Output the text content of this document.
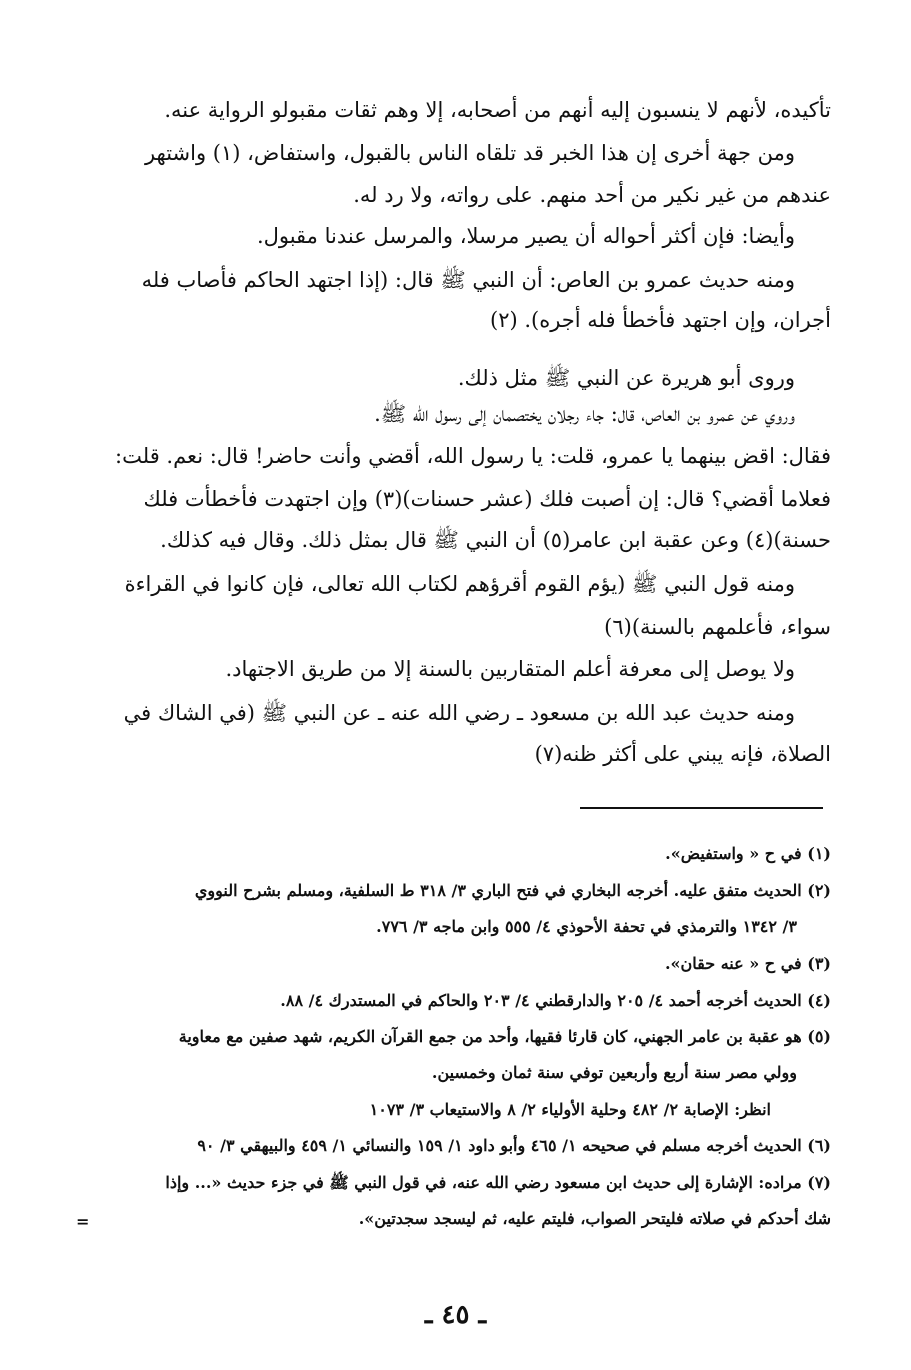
تأكيده، لأنهم لا ينسبون إليه أنهم من أصحابه، إلا وهم ثقات مقبولو الرواية عنه.
ومن جهة أخرى إن هذا الخبر قد تلقاه الناس بالقبول، واستفاض، (١) واشتهر
عندهم من غير نكير من أحد منهم. على رواته، ولا رد له.
وأيضا: فإن أكثر أحواله أن يصير مرسلا، والمرسل عندنا مقبول.
ومنه حديث عمرو بن العاص: أن النبي ﷺ قال: (إذا اجتهد الحاكم فأصاب فله
أجران، وإن اجتهد فأخطأ فله أجره). (٢)
وروى أبو هريرة عن النبي ﷺ مثل ذلك.
وروي عن عمرو بن العاص، قال: جاء رجلان يختصمان إلى رسول الله ﷺ.
فقال: اقض بينهما يا عمرو، قلت: يا رسول الله، أقضي وأنت حاضر! قال: نعم. قلت:
فعلاما أقضي؟ قال: إن أصبت فلك (عشر حسنات)(٣) وإن اجتهدت فأخطأت فلك
حسنة)(٤) وعن عقبة ابن عامر(٥) أن النبي ﷺ قال بمثل ذلك. وقال فيه كذلك.
ومنه قول النبي ﷺ (يؤم القوم أقرؤهم لكتاب الله تعالى، فإن كانوا في القراءة
سواء، فأعلمهم بالسنة)(٦)
ولا يوصل إلى معرفة أعلم المتقاربين بالسنة إلا من طريق الاجتهاد.
ومنه حديث عبد الله بن مسعود ـ رضي الله عنه ـ عن النبي ﷺ (في الشاك في
الصلاة، فإنه يبني على أكثر ظنه(٧)
(١) في ح « واستفيض».
(٢) الحديث متفق عليه. أخرجه البخاري في فتح الباري ٣/ ٣١٨ ط السلفية، ومسلم بشرح النووي
٣/ ١٣٤٢ والترمذي في تحفة الأحوذي ٤/ ٥٥٥ وابن ماجه ٣/ ٧٧٦.
(٣) في ح « عنه حقان».
(٤) الحديث أخرجه أحمد ٤/ ٢٠٥ والدارقطني ٤/ ٢٠٣ والحاكم في المستدرك ٤/ ٨٨.
(٥) هو عقبة بن عامر الجهني، كان قارئا فقيها، وأحد من جمع القرآن الكريم، شهد صفين مع معاوية
وولي مصر سنة أربع وأربعين توفي سنة ثمان وخمسين.
انظر: الإصابة ٢/ ٤٨٢ وحلية الأولياء ٢/ ٨ والاستيعاب ٣/ ١٠٧٣
(٦) الحديث أخرجه مسلم في صحيحه ١/ ٤٦٥ وأبو داود ١/ ١٥٩ والنسائي ١/ ٤٥٩ والبيهقي ٣/ ٩٠
(٧) مراده: الإشارة إلى حديث ابن مسعود رضي الله عنه، في قول النبي ﷺ في جزء حديث «... وإذا
شك أحدكم في صلاته فليتحر الصواب، فليتم عليه، ثم ليسجد سجدتين».
=
ـ ٤٥ ـ
